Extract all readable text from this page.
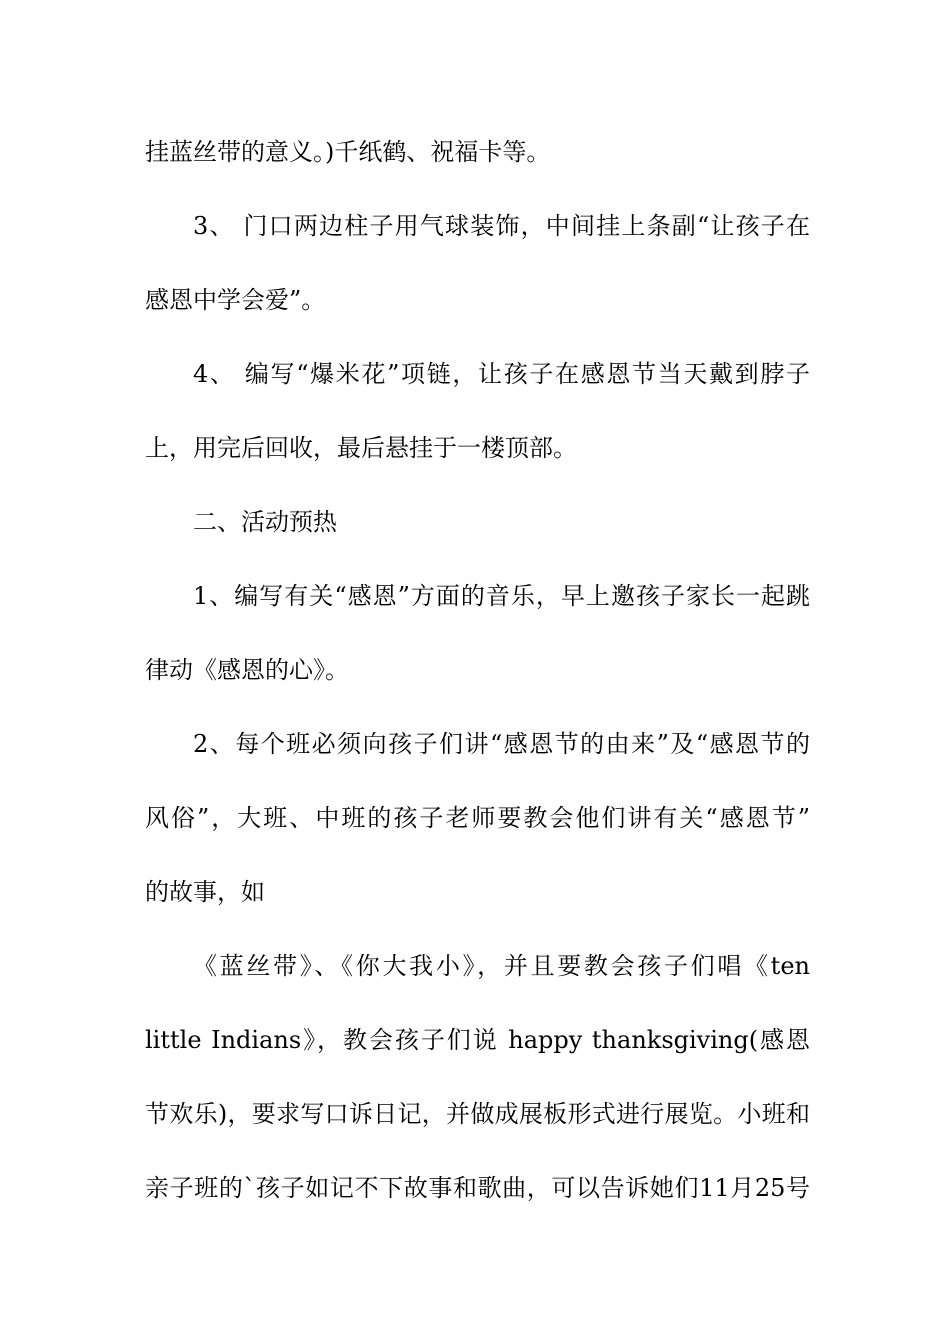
挂蓝丝带的意义。)千纸鹤、祝福卡等。
3、 门口两边柱子用气球装饰，中间挂上条副“让孩子在
感恩中学会爱”。
4、 编写“爆米花”项链，让孩子在感恩节当天戴到脖子
上，用完后回收，最后悬挂于一楼顶部。
二、活动预热
1、编写有关“感恩”方面的音乐，早上邀孩子家长一起跳
律动《感恩的心》。
2、每个班必须向孩子们讲“感恩节的由来”及“感恩节的
风俗”，大班、中班的孩子老师要教会他们讲有关“感恩节”
的故事，如
《蓝丝带》、《你大我小》，并且要教会孩子们唱《ten
little Indians》，教会孩子们说 happy thanksgiving(感恩
节欢乐)，要求写口诉日记，并做成展板形式进行展览。小班和
亲子班的`孩子如记不下故事和歌曲，可以告诉她们11月25号
